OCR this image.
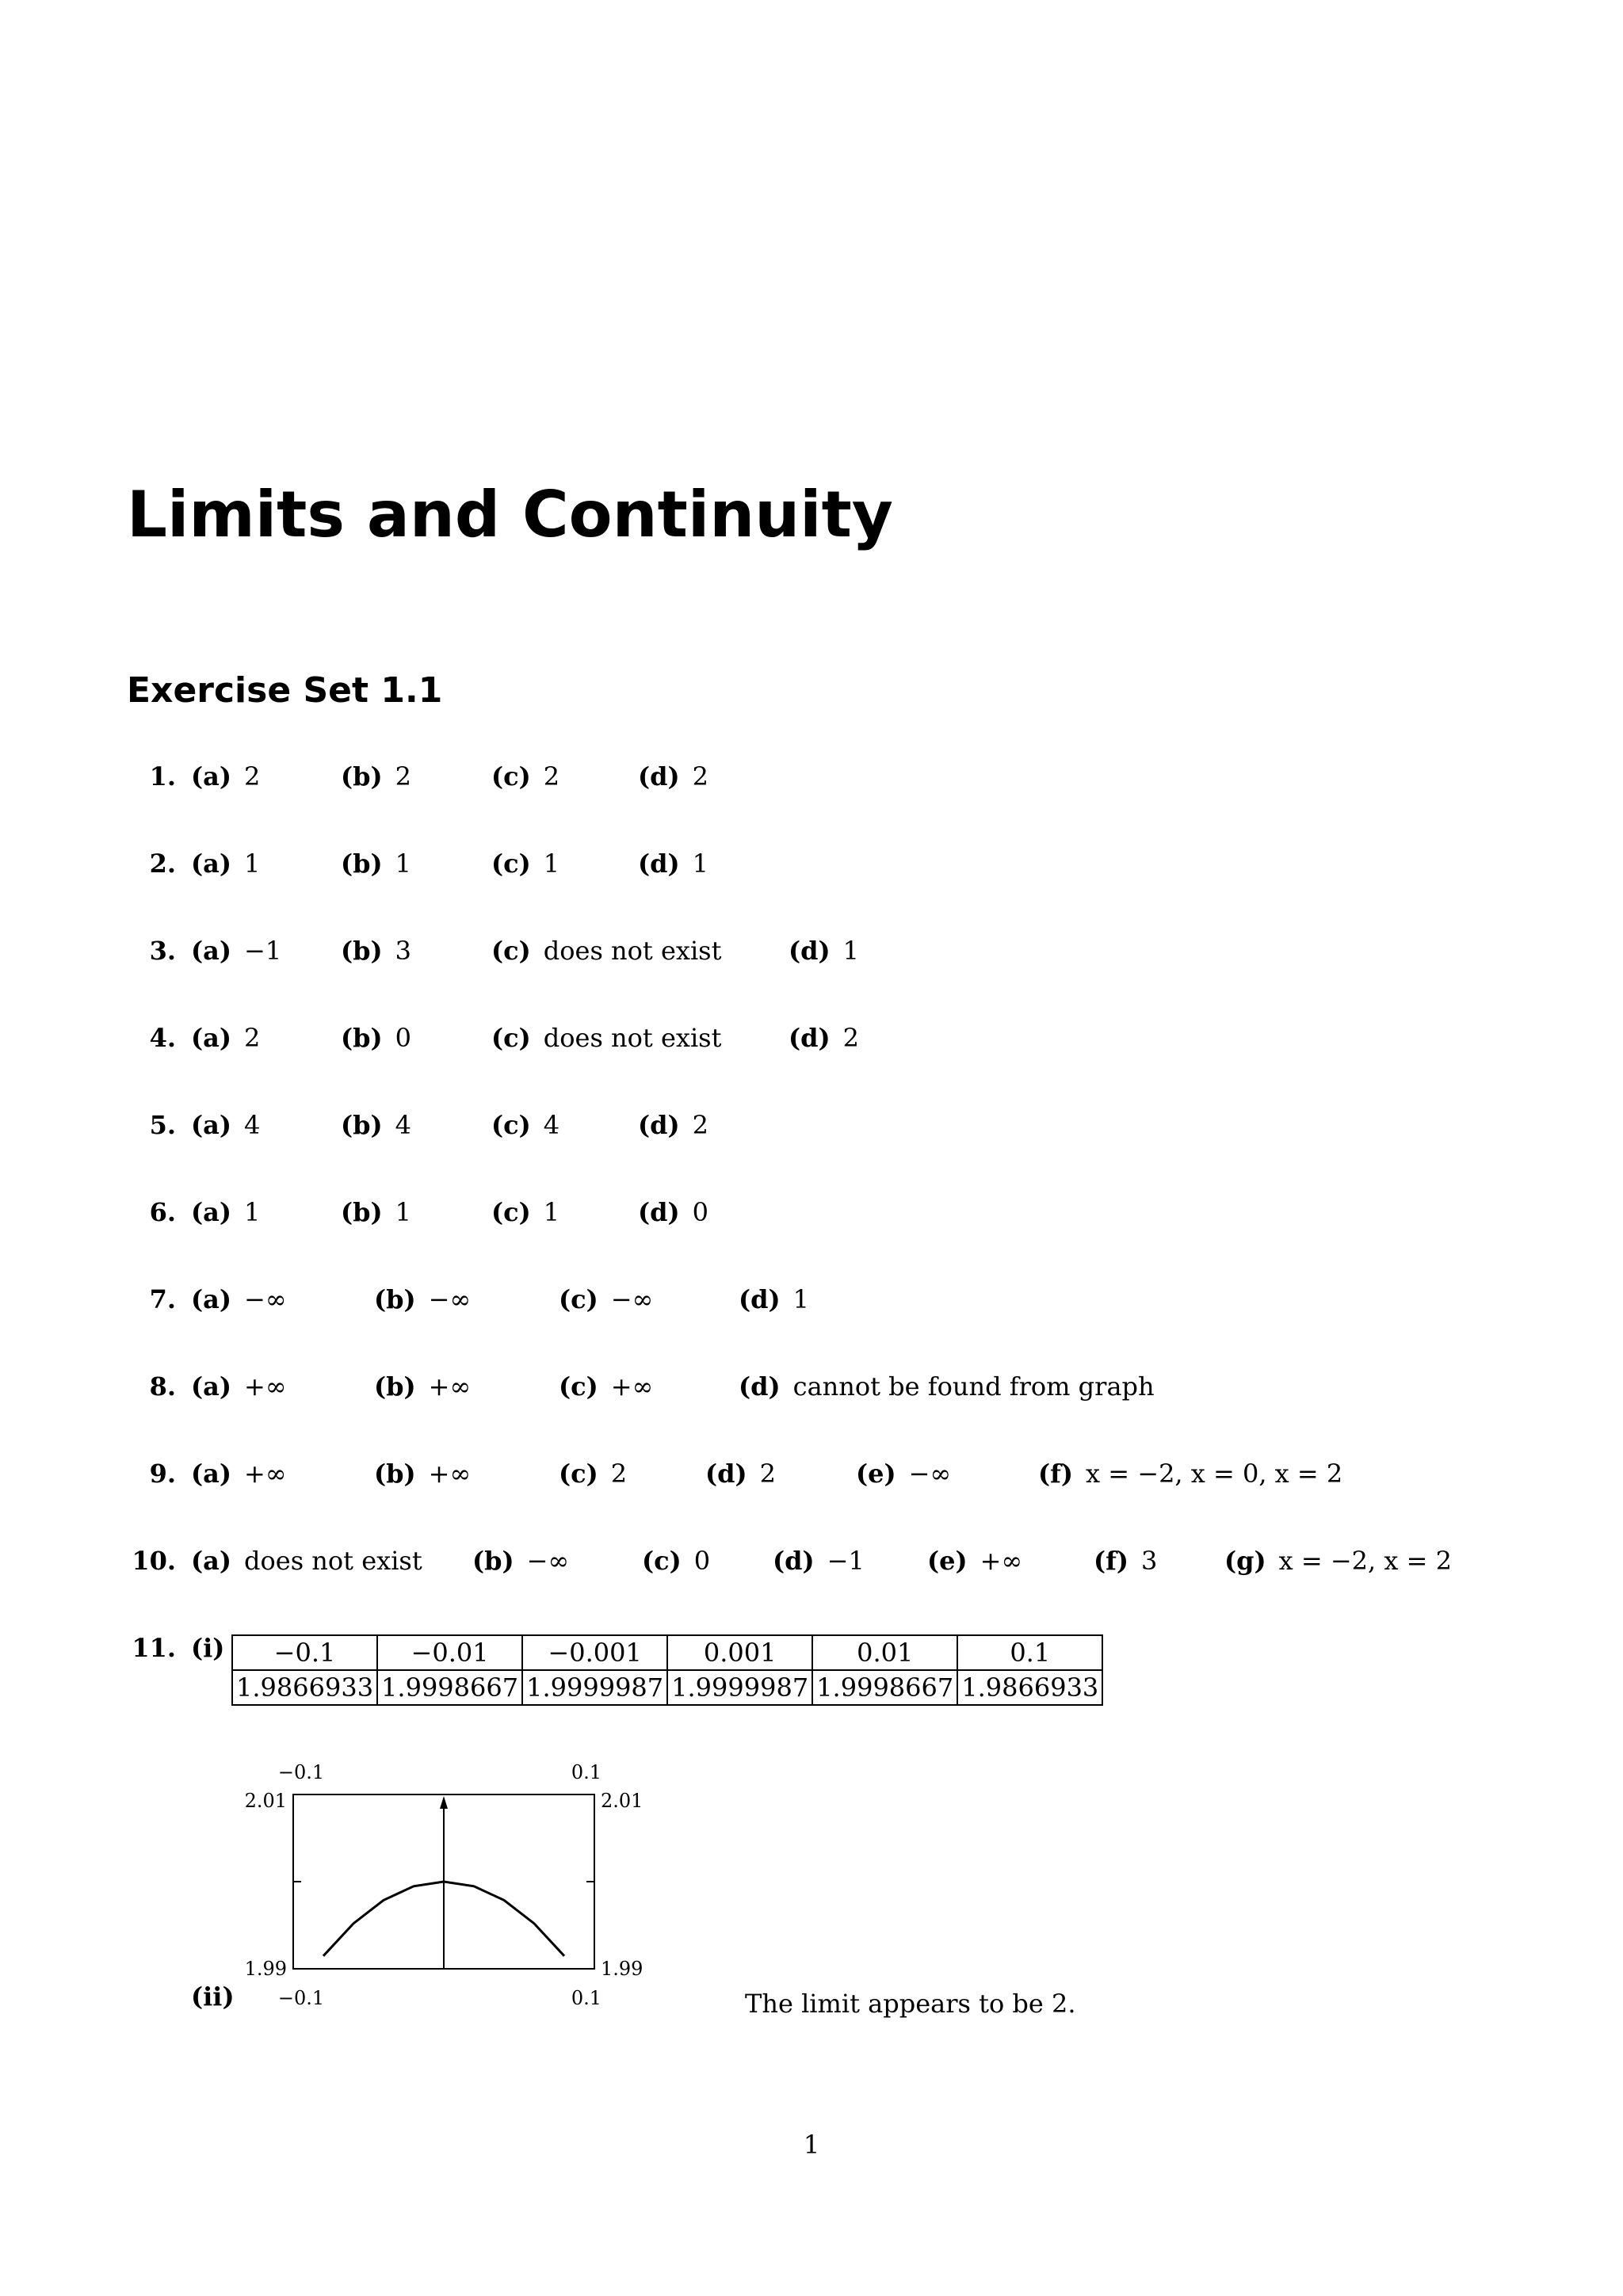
Limits and Continuity
Exercise Set 1.1
1. (a) 2	(b) 2	(c) 2	(d) 2
2. (a) 1	(b) 1	(c) 1	(d) 1
3. (a) −1 (b) 3	(c) does not exist	(d) 1
4. (a) 2	(b) 0	(c) does not exist	(d) 2
5. (a) 4	(b) 4	(c) 4	(d) 2
6. (a) 1	(b) 1	(c) 1	(d) 0
7. (a) −∞	(b) −∞	(c) −∞	(d) 1
8. (a) +∞	(b) +∞	(c) +∞	(d) cannot be found from graph
9. (a) +∞	(b) +∞	(c) 2	(d) 2	(e) −∞	(f) x = −2, x = 0, x = 2
10. (a) does not exist (b) −∞	(c) 0 (d) −1 (e) +∞	(f) 3	(g) x = −2, x = 2
11. (i)	−0.1	−0.01	−0.001	0.001	0.01	0.1
1.9866933	1.9998667	1.9999987	1.9999987	1.9998667	1.9866933
−0.1	0.1
−0.1	0.1
2.01
1.99
2.01
1.99
(ii)	The limit appears to be 2.
1
